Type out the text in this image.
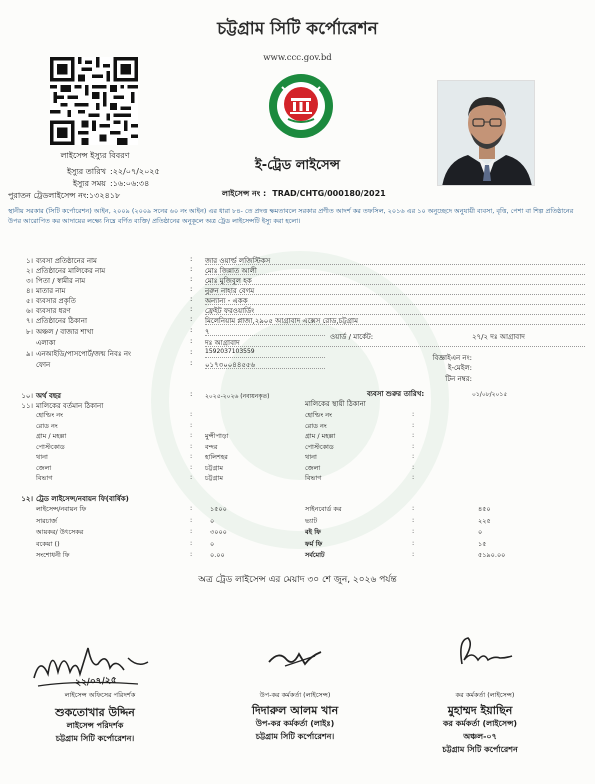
চট্টগ্রাম সিটি কর্পোরেশন
www.ccc.gov.bd
লাইসেন্স ইস্যুর বিবরণ
ইস্যুর তারিখ :২২/০৭/২০২৫
ইস্যুর সময় :১৬:০৬:৩৪
পুরাতন ট্রেডলাইসেন্স নং:১৩২৪১৮
ই-ট্রেড লাইসেন্স
লাইসেন্স নং : TRAD/CHTG/000180/2021
স্থানীয় সরকার (সিটি কর্পোরেশন) আইন, ২০০৯ (২০০৯ সনের ৬০ নং আইন) এর ধারা ৮৪- তে প্রদত্ত ক্ষমতাবলে সরকার প্রণীত আদর্শ কর তফসিল, ২০১৬ এর ১০ অনুচ্ছেদে অনুযায়ী ব্যবসা, বৃত্তি, পেশা বা শিল্প প্রতিষ্ঠানের উপর আরোপিত কর আদায়ের লক্ষ্যে নিম্নে বর্ণিত ব্যক্তি/ প্রতিষ্ঠানের অনুকূলে অত্র ট্রেড লাইসেন্সটি ইস্যু করা হলো।
১। ব্যবসা প্রতিষ্ঠানের নাম	: জার ওয়ার্ল্ড লজিস্টিকস
২। প্রতিষ্ঠানের মালিকের নাম	: মোঃ জিন্নাত আলী
৩। পিতা / স্বামীর নাম	: মোঃ মুজিবুল হক
৪। মাতার নাম	: নুরুন নাহার বেগম
৫। ব্যবসার প্রকৃতি	: অন্যান্য - একক
৬। ব্যবসার ধরণ	: ফ্রেইট ফরওয়ার্ডিং
৭। প্রতিষ্ঠানের ঠিকানা	: মিলেনিয়াম প্লাজা,২৯০৫ আগ্রাবাদ এক্সেস রোড,চট্টগ্রাম
৮। অঞ্চল / বাজার শাখা	: ৭
এলাকা	: দঃ আগ্রাবাদ
৯। এনআইডি/পাসপোর্ট/জন্ম নিবঃ নং	: 1592037103559
ফোন	: ০১৭৩০০৪৪৫৫৬
ওয়ার্ড / মার্কেট:	২৭/২ দঃ আগ্রাবাদ
বিজ্ঞাইএন নং:
ই-মেইল:
টিন নম্বর:
১০। অর্থ বছর	: ২০২৫-২০২৬ (নবায়নকৃত)	ব্যবসা শুরুর তারিখ:	০১/০৮/২০১৫
১১। মালিকের বর্তমান ঠিকানা	মালিকের স্থায়ী ঠিকানা
হোল্ডিং নং	:	হোল্ডিং নং	:
রোড নং	:	রোড নং	:
গ্রাম / মহল্লা	: মুন্সীপাড়া	গ্রাম / মহল্লা	:
পোস্টকোড	: বন্দর	পোস্টকোড	:
থানা	: হালিশহর	থানা	:
জেলা	: চট্টগ্রাম	জেলা	:
বিভাগ	: চট্টগ্রাম	বিভাগ	:
১২। ট্রেড লাইসেন্স/নবায়ন ফি(বার্ষিক)
লাইসেন্স/নবায়ন ফি	:	১৫০০	সাইনবোর্ড কর	:	৪৫০
সারচার্জ	:	০	ভ্যাট	:	২২৫
আয়কর/ উৎসেকর	:	৩০০০	বই ফি	:	০
বকেয়া ()	:	০	ফর্ম ফি	:	১৫
সংশোধনী ফি	:	০.০০	সর্বমোট	:	৫১৯০.০০
অত্র ট্রেড লাইসেন্স এর মেয়াদ ৩০ শে জুন, ২০২৬ পর্যন্ত
২২/০৭/২৫
লাইসেন্স অফিসের পরিদর্শক
শুকতোখার উদ্দিন
লাইসেন্স পরিদর্শক
চট্টগ্রাম সিটি কর্পোরেশন।
উপ-কর কর্মকর্তা (লাইসেন্স)
দিদারুল আলম খান
উপ-কর কর্মকর্তা (লাইঃ)
চট্টগ্রাম সিটি কর্পোরেশন।
কর কর্মকর্তা (লাইসেন্স)
মুহাম্মদ ইয়াছিন
কর কর্মকর্তা (লাইসেন্স)
অঞ্চল-০৭
চট্টগ্রাম সিটি কর্পোরেশন
